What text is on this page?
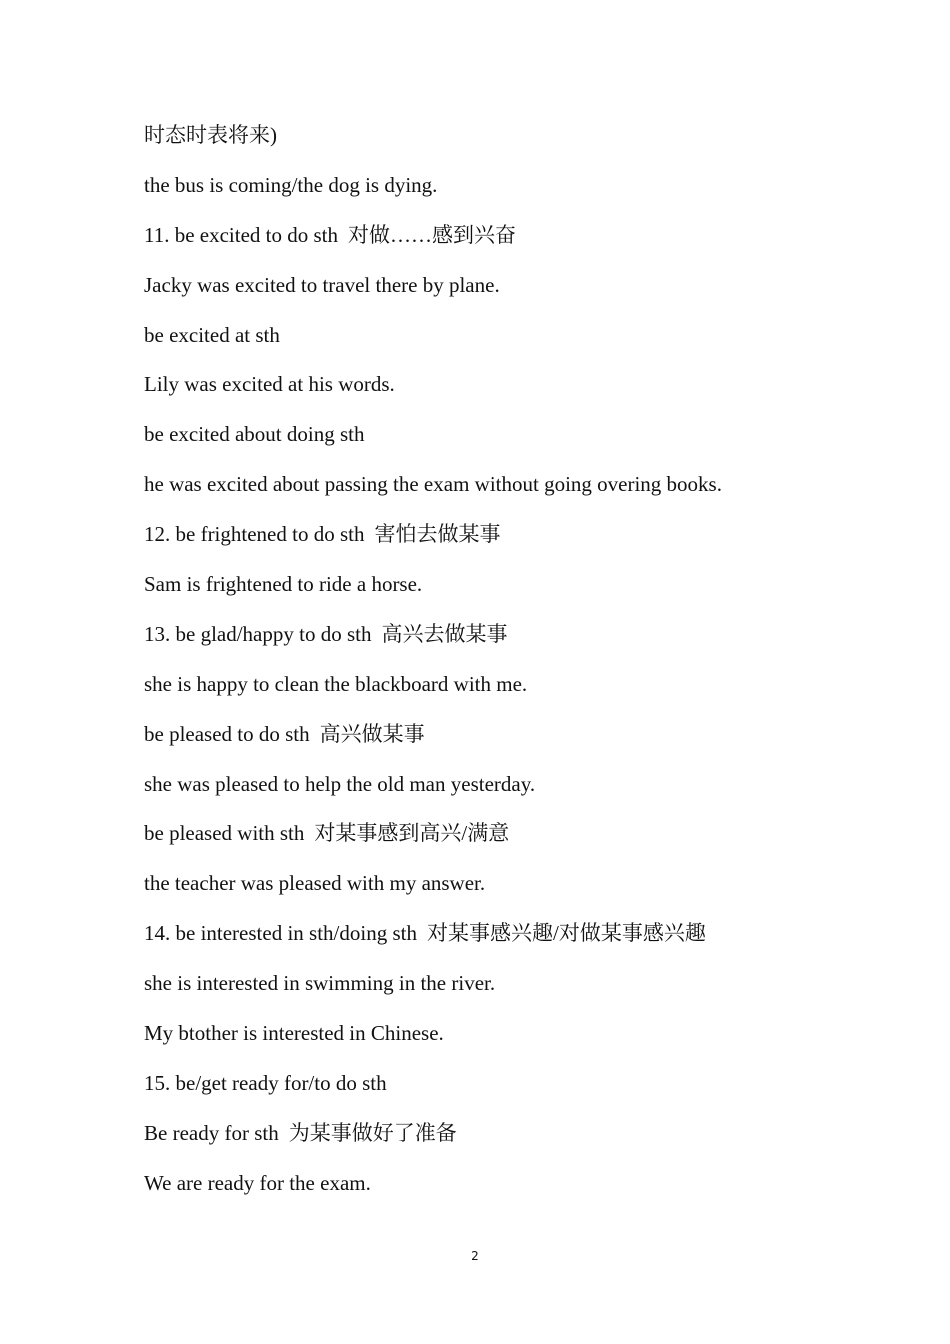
时态时表将来)
the bus is coming/the dog is dying.
11. be excited to do sth 对做……感到兴奋
Jacky was excited to travel there by plane.
be excited at sth
Lily was excited at his words.
be excited about doing sth
he was excited about passing the exam without going overing books.
12. be frightened to do sth 害怕去做某事
Sam is frightened to ride a horse.
13. be glad/happy to do sth 高兴去做某事
she is happy to clean the blackboard with me.
be pleased to do sth 高兴做某事
she was pleased to help the old man yesterday.
be pleased with sth 对某事感到高兴/满意
the teacher was pleased with my answer.
14. be interested in sth/doing sth 对某事感兴趣/对做某事感兴趣
she is interested in swimming in the river.
My btother is interested in Chinese.
15. be/get ready for/to do sth
Be ready for sth 为某事做好了准备
We are ready for the exam.
2
